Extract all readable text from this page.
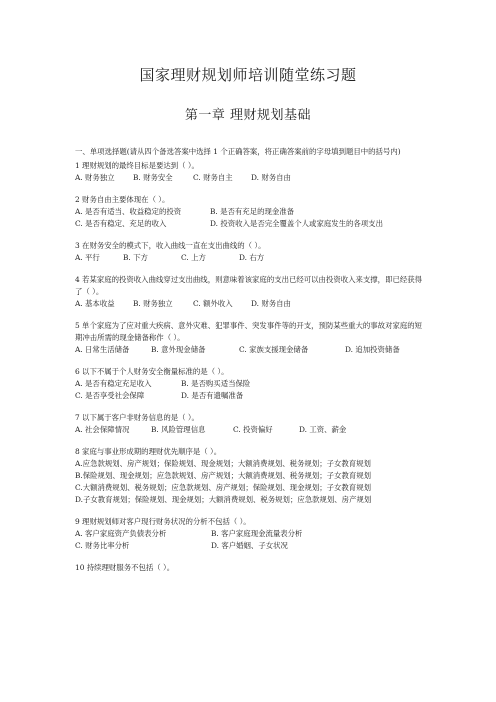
国家理财规划师培训随堂练习题
第一章 理财规划基础
一、单项选择题(请从四个备选答案中选择 1 个正确答案，将正确答案前的字母填到题目中的括号内)
1 理财规划的最终目标是要达到（ ）。
A. 财务独立	B. 财务安全	C. 财务自主	D. 财务自由
2 财务自由主要体现在（ ）。
A. 是否有适当、收益稳定的投资	B. 是否有充足的现金准备
C. 是否有稳定、充足的收入	D. 投资收入是否完全覆盖个人或家庭发生的各项支出
3 在财务安全的模式下，收入曲线一直在支出曲线的（ ）。
A. 平行	B. 下方	C. 上方	D. 右方
4 若某家庭的投资收入曲线穿过支出曲线，则意味着该家庭的支出已经可以由投资收入来支撑，即已经获得了（ ）。
A. 基本收益	B. 财务独立	C. 额外收入	D. 财务自由
5 单个家庭为了应对重大疾病、意外灾难、犯罪事件、突发事件等的开支，预防某些重大的事故对家庭的短期冲击所需的现金储备称作（ ）。
A. 日常生活储备	B. 意外现金储备	C. 家族支援现金储备	D. 追加投资储备
6 以下不属于个人财务安全衡量标准的是（ ）。
A. 是否有稳定充足收入	B. 是否购买适当保险
C. 是否享受社会保障	D. 是否有遗嘱准备
7 以下属于客户非财务信息的是（ ）。
A. 社会保障情况	B. 风险管理信息	C. 投资偏好	D. 工资、薪金
8 家庭与事业形成期的理财优先顺序是（ ）。
A.应急款规划、房产规划；保险规划、现金规划；大额消费规划、税务规划；子女教育规划
B.保险规划、现金规划；应急款规划、房产规划；大额消费规划、税务规划；子女教育规划
C.大额消费规划、税务规划；应急款规划、房产规划；保险规划、现金规划；子女教育规划
D.子女教育规划；保险规划、现金规划；大额消费规划、税务规划；应急款规划、房产规划
9 理财规划师对客户现行财务状况的分析不包括（ ）。
A. 客户家庭资产负债表分析	B. 客户家庭现金流量表分析
C. 财务比率分析	D. 客户婚姻、子女状况
10 持续理财服务不包括（ ）。
